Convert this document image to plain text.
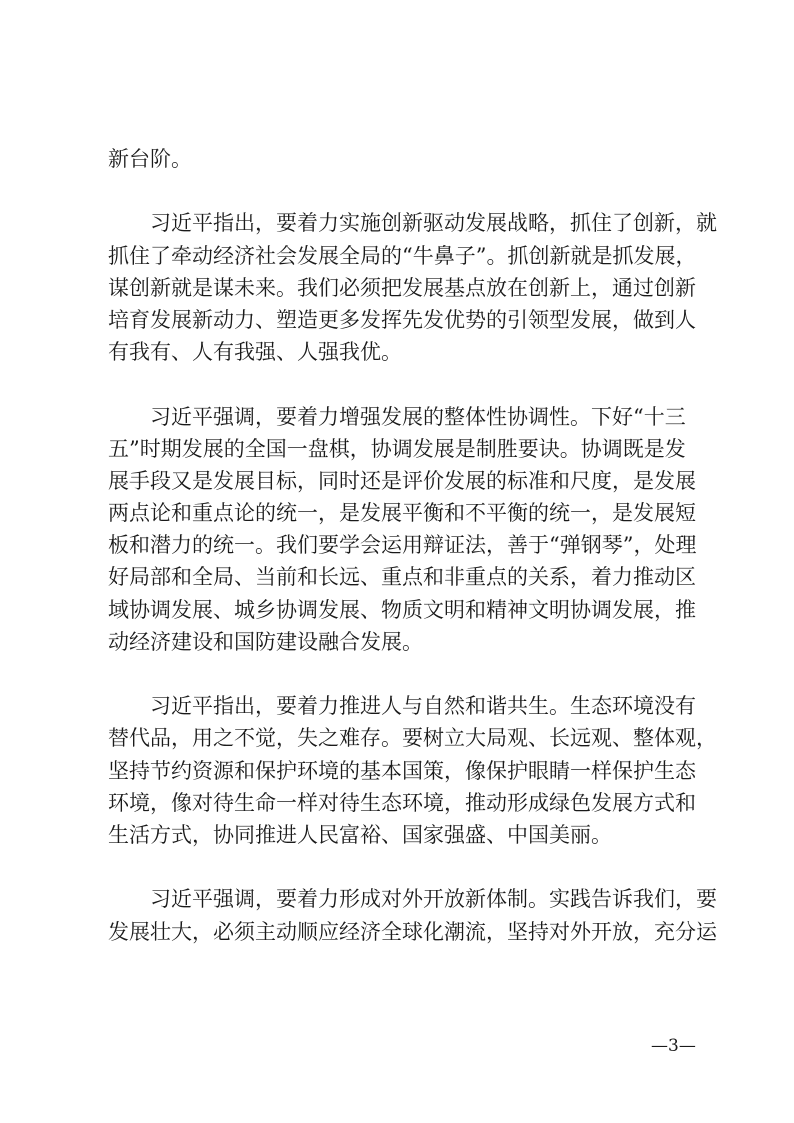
新台阶。
习近平指出，要着力实施创新驱动发展战略，抓住了创新，就
抓住了牵动经济社会发展全局的“牛鼻子”。抓创新就是抓发展，
谋创新就是谋未来。我们必须把发展基点放在创新上，通过创新
培育发展新动力、塑造更多发挥先发优势的引领型发展，做到人
有我有、人有我强、人强我优。
习近平强调，要着力增强发展的整体性协调性。下好“十三
五”时期发展的全国一盘棋，协调发展是制胜要诀。协调既是发
展手段又是发展目标，同时还是评价发展的标准和尺度，是发展
两点论和重点论的统一，是发展平衡和不平衡的统一，是发展短
板和潜力的统一。我们要学会运用辩证法，善于“弹钢琴”，处理
好局部和全局、当前和长远、重点和非重点的关系，着力推动区
域协调发展、城乡协调发展、物质文明和精神文明协调发展，推
动经济建设和国防建设融合发展。
习近平指出，要着力推进人与自然和谐共生。生态环境没有
替代品，用之不觉，失之难存。要树立大局观、长远观、整体观，
坚持节约资源和保护环境的基本国策，像保护眼睛一样保护生态
环境，像对待生命一样对待生态环境，推动形成绿色发展方式和
生活方式，协同推进人民富裕、国家强盛、中国美丽。
习近平强调，要着力形成对外开放新体制。实践告诉我们，要
发展壮大，必须主动顺应经济全球化潮流，坚持对外开放，充分运
—3—
